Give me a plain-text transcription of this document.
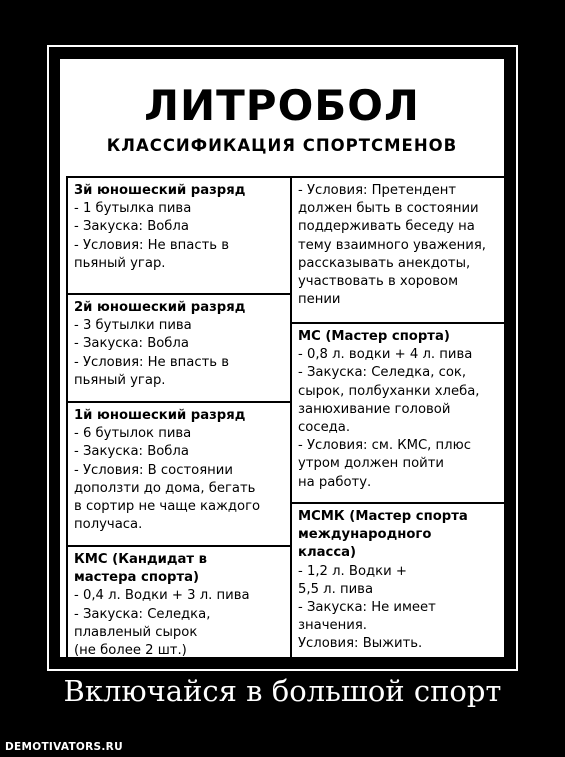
ЛИТРОБОЛ
КЛАССИФИКАЦИЯ СПОРТСМЕНОВ
3й юношеский разряд
- 1 бутылка пива
- Закуска: Вобла
- Условия: Не впасть в
пьяный угар.
2й юношеский разряд
- 3 бутылки пива
- Закуска: Вобла
- Условия: Не впасть в
пьяный угар.
1й юношеский разряд
- 6 бутылок пива
- Закуска: Вобла
- Условия: В состоянии
доползти до дома, бегать
в сортир не чаще каждого
получаса.
КМС (Кандидат в
мастера спорта)
- 0,4 л. Водки + 3 л. пива
- Закуска: Селедка,
плавленый сырок
(не более 2 шт.)
- Условия: Претендент
должен быть в состоянии
поддерживать беседу на
тему взаимного уважения,
рассказывать анекдоты,
участвовать в хоровом
пении
МС (Мастер спорта)
- 0,8 л. водки + 4 л. пива
- Закуска: Селедка, сок,
сырок, полбуханки хлеба,
занюхивание головой
соседа.
- Условия: см. КМС, плюс
утром должен пойти
на работу.
МСМК (Мастер спорта
международного
класса)
- 1,2 л. Водки +
5,5 л. пива
- Закуска: Не имеет
значения.
Условия: Выжить.
Включайся в большой спорт
DEMOTIVATORS.RU
